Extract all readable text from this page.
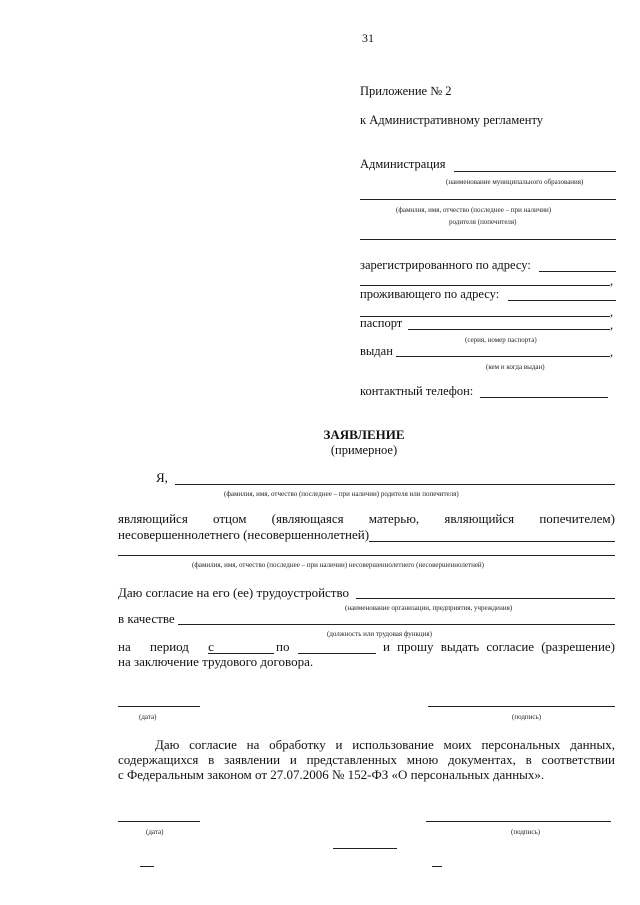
31
Приложение № 2
к Административному регламенту
Администрация
(наименование муниципального образования)
(фамилия, имя, отчество (последнее – при наличии)
родителя (попечителя)
зарегистрированного по адресу:
,
проживающего по адресу:
,
паспорт	,
(серия, номер паспорта)
выдан	,
(кем и когда выдан)
контактный телефон:
ЗАЯВЛЕНИЕ
(примерное)
Я,
(фамилия, имя, отчество (последнее – при наличии) родителя или попечителя)
являющийся отцом (являющаяся матерью, являющийся попечителем)
несовершеннолетнего (несовершеннолетней)
(фамилия, имя, отчество (последнее – при наличии) несовершеннолетнего (несовершеннолетней)
Даю согласие на его (ее) трудоустройство
(наименование организации, предприятия, учреждения)
в качестве
(должность или трудовая функция)
на период с	по	и прошу выдать согласие (разрешение)
на заключение трудового договора.
(дата)	(подпись)
Даю согласие на обработку и использование моих персональных данных,
содержащихся в заявлении и представленных мною документах, в соответствии
с Федеральным законом от 27.07.2006 № 152-ФЗ «О персональных данных».
(дата)	(подпись)
